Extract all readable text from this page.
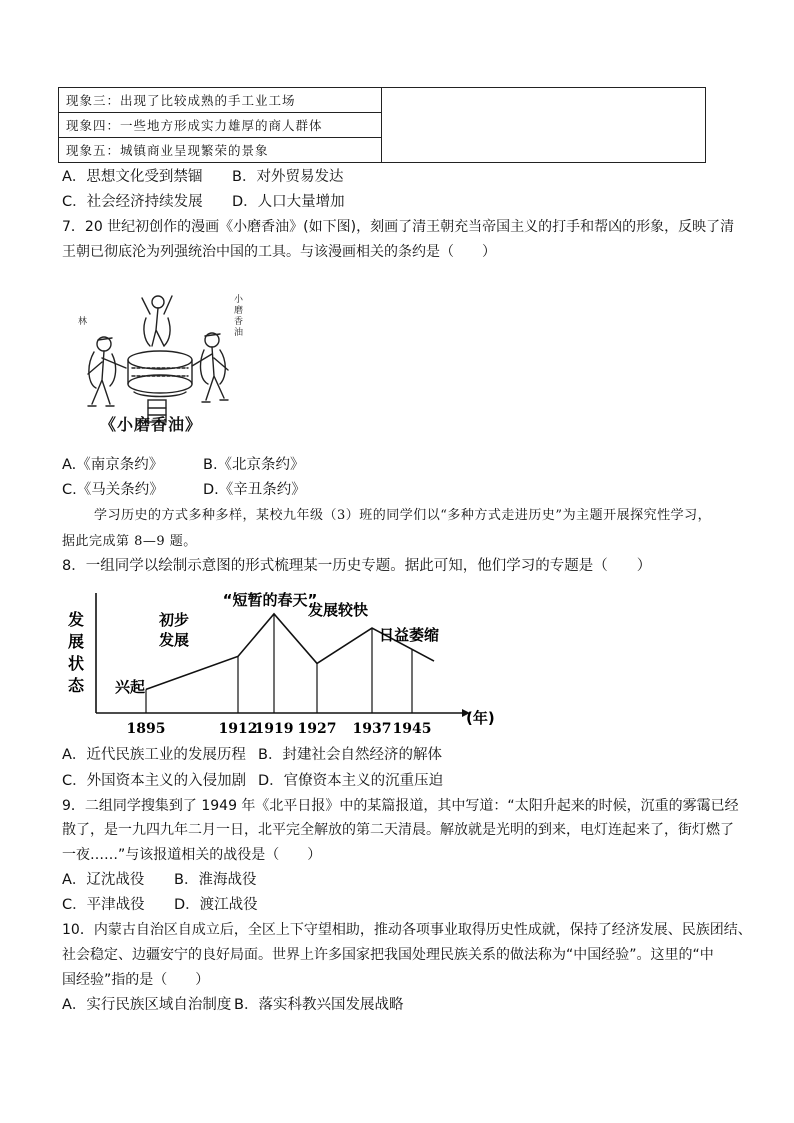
现象三：出现了比较成熟的手工业工场
现象四：一些地方形成实力雄厚的商人群体
现象五：城镇商业呈现繁荣的景象
A．思想文化受到禁锢 B．对外贸易发达
C．社会经济持续发展 D．人口大量增加
7．20 世纪初创作的漫画《小磨香油》(如下图)，刻画了清王朝充当帝国主义的打手和帮凶的形象，反映了清
王朝已彻底沦为列强统治中国的工具。与该漫画相关的条约是（　　）
林
小
磨
香
油
《小磨香油》
A.《南京条约》	B.《北京条约》
C.《马关条约》	D.《辛丑条约》
学习历史的方式多种多样，某校九年级（3）班的同学们以“多种方式走进历史”为主题开展探究性学习，
据此完成第 8—9 题。
8．一组同学以绘制示意图的形式梳理某一历史专题。据此可知，他们学习的专题是（　　）
1895	1912
1919 1927 1937 1945
兴起
初步发展
“短暂的春天”
发展较快
日益萎缩
发展状态
(年)
A．近代民族工业的发展历程 B．封建社会自然经济的解体
C．外国资本主义的入侵加剧 D．官僚资本主义的沉重压迫
9．二组同学搜集到了 1949 年《北平日报》中的某篇报道，其中写道：“太阳升起来的时候，沉重的雾霭已经
散了，是一九四九年二月一日，北平完全解放的第二天清晨。解放就是光明的到来，电灯连起来了，街灯燃了
一夜……”与该报道相关的战役是（　　）
A．辽沈战役 B．淮海战役
C．平津战役 D．渡江战役
10．内蒙古自治区自成立后，全区上下守望相助，推动各项事业取得历史性成就，保持了经济发展、民族团结、
社会稳定、边疆安宁的良好局面。世界上许多国家把我国处理民族关系的做法称为“中国经验”。这里的“中
国经验”指的是（　　）
A．实行民族区域自治制度 B．落实科教兴国发展战略
